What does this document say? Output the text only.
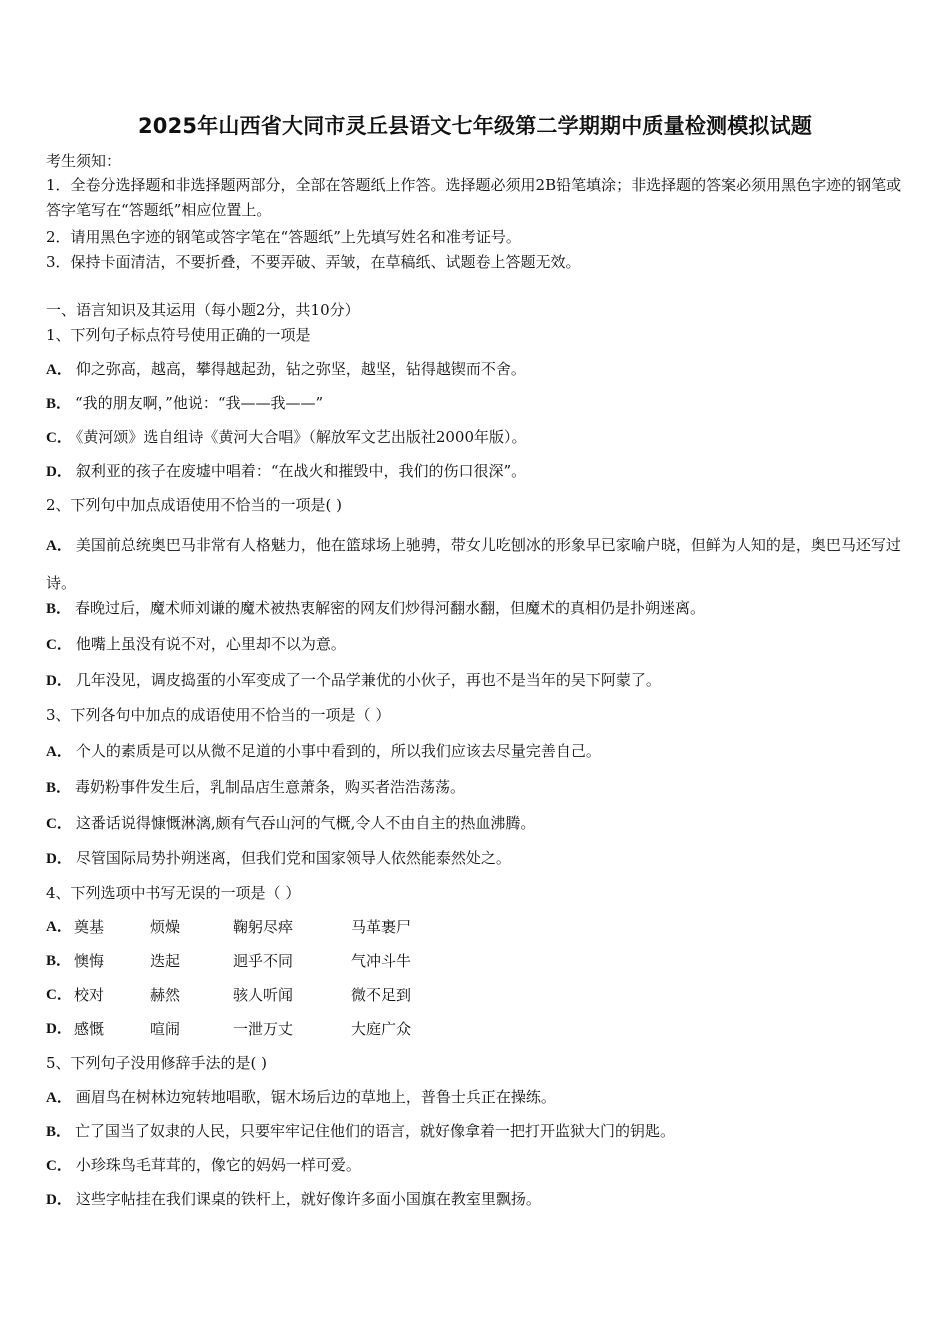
2025年山西省大同市灵丘县语文七年级第二学期期中质量检测模拟试题
考生须知：
1．全卷分选择题和非选择题两部分，全部在答题纸上作答。选择题必须用2B铅笔填涂；非选择题的答案必须用黑色字迹的钢笔或答字笔写在“答题纸”相应位置上。
2．请用黑色字迹的钢笔或答字笔在“答题纸”上先填写姓名和准考证号。
3．保持卡面清洁，不要折叠，不要弄破、弄皱，在草稿纸、试题卷上答题无效。
一、语言知识及其运用（每小题2分，共10分）
1、下列句子标点符号使用正确的一项是
A． 仰之弥高，越高，攀得越起劲，钻之弥坚，越坚，钻得越锲而不舍。
B． “我的朋友啊，”他说：“我——我——”
C． 《黄河颂》选自组诗《黄河大合唱》（解放军文艺出版社2000年版）。
D． 叙利亚的孩子在废墟中唱着：“在战火和摧毁中，我们的伤口很深”。
2、下列句中加点成语使用不恰当的一项是( )
A． 美国前总统奥巴马非常有人格魅力，他在篮球场上驰骋，带女儿吃刨冰的形象早已家喻户晓，但鲜为人知的是，奥巴马还写过诗。
B． 春晚过后，魔术师刘谦的魔术被热衷解密的网友们炒得河翻水翻，但魔术的真相仍是扑朔迷离。
C． 他嘴上虽没有说不对，心里却不以为意。
D． 几年没见，调皮捣蛋的小军变成了一个品学兼优的小伙子，再也不是当年的吴下阿蒙了。
3、下列各句中加点的成语使用不恰当的一项是（ ）
A． 个人的素质是可以从微不足道的小事中看到的，所以我们应该去尽量完善自己。
B． 毒奶粉事件发生后，乳制品店生意萧条，购买者浩浩荡荡。
C． 这番话说得慷慨淋漓,颇有气吞山河的气概,令人不由自主的热血沸腾。
D． 尽管国际局势扑朔迷离，但我们党和国家领导人依然能泰然处之。
4、下列选项中书写无误的一项是（ ）
A． 奠基	烦燥	鞠躬尽瘁	马革裹尸
B． 懊悔	迭起	迥乎不同	气冲斗牛
C． 校对	赫然	骇人听闻	微不足到
D． 感慨	喧闹	一泄万丈	大庭广众
5、下列句子没用修辞手法的是( )
A． 画眉鸟在树林边宛转地唱歌，锯木场后边的草地上，普鲁士兵正在操练。
B． 亡了国当了奴隶的人民，只要牢牢记住他们的语言，就好像拿着一把打开监狱大门的钥匙。
C． 小珍珠鸟毛茸茸的，像它的妈妈一样可爱。
D． 这些字帖挂在我们课桌的铁杆上，就好像许多面小国旗在教室里飘扬。
